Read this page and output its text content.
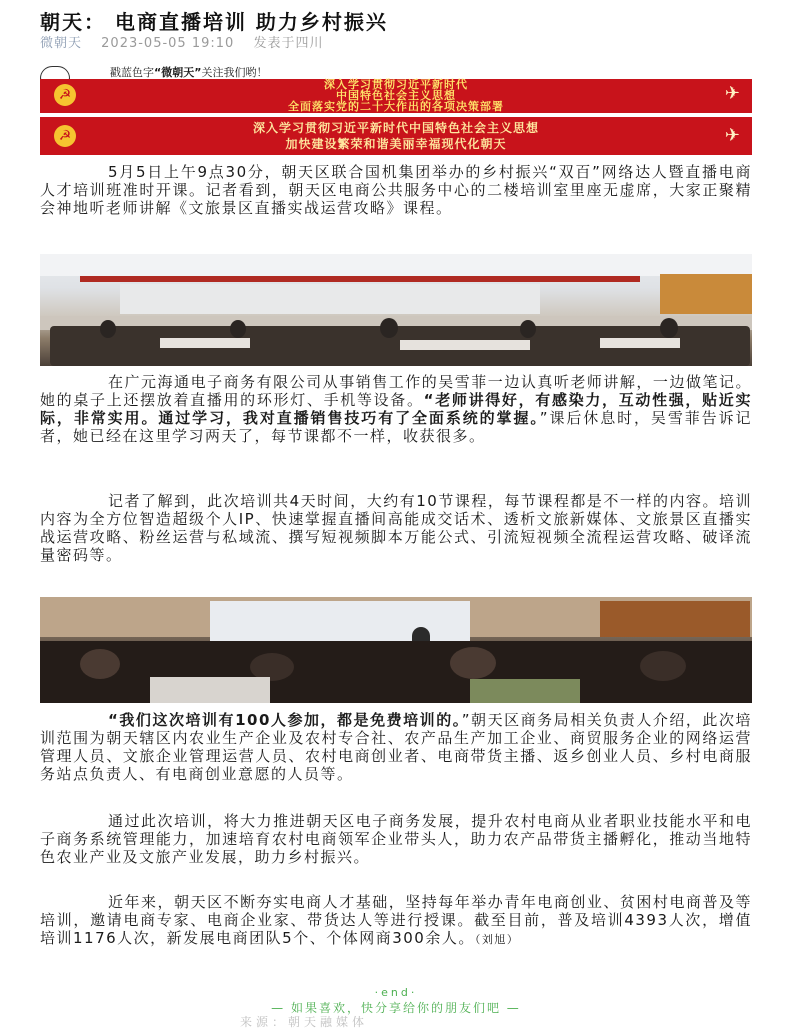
朝天： 电商直播培训 助力乡村振兴
微朝天 2023-05-05 19:10 发表于四川
戳蓝色字“微朝天”关注我们哟！
☭	✈
深入学习贯彻习近平新时代
中国特色社会主义思想
全面落实党的二十大作出的各项决策部署
☭	✈
深入学习贯彻习近平新时代中国特色社会主义思想
加快建设繁荣和谐美丽幸福现代化朝天

5月5日上午9点30分，朝天区联合国机集团举办的乡村振兴“双百”网络达人暨直播电商人才培训班准时开课。记者看到，朝天区电商公共服务中心的二楼培训室里座无虚席，大家正聚精会神地听老师讲解《文旅景区直播实战运营攻略》课程。

在广元海通电子商务有限公司从事销售工作的吴雪菲一边认真听老师讲解，一边做笔记。她的桌子上还摆放着直播用的环形灯、手机等设备。“老师讲得好，有感染力，互动性强，贴近实际，非常实用。通过学习，我对直播销售技巧有了全面系统的掌握。”课后休息时，吴雪菲告诉记者，她已经在这里学习两天了，每节课都不一样，收获很多。

记者了解到，此次培训共4天时间，大约有10节课程，每节课程都是不一样的内容。培训内容为全方位智造超级个人IP、快速掌握直播间高能成交话术、透析文旅新媒体、文旅景区直播实战运营攻略、粉丝运营与私域流、撰写短视频脚本万能公式、引流短视频全流程运营攻略、破译流量密码等。

“我们这次培训有100人参加，都是免费培训的。”朝天区商务局相关负责人介绍，此次培训范围为朝天辖区内农业生产企业及农村专合社、农产品生产加工企业、商贸服务企业的网络运营管理人员、文旅企业管理运营人员、农村电商创业者、电商带货主播、返乡创业人员、乡村电商服务站点负责人、有电商创业意愿的人员等。

通过此次培训，将大力推进朝天区电子商务发展，提升农村电商从业者职业技能水平和电子商务系统管理能力，加速培育农村电商领军企业带头人，助力农产品带货主播孵化，推动当地特色农业产业及文旅产业发展，助力乡村振兴。

近年来，朝天区不断夯实电商人才基础，坚持每年举办青年电商创业、贫困村电商普及等培训，邀请电商专家、电商企业家、带货达人等进行授课。截至目前，普及培训4393人次，增值培训1176人次，新发展电商团队5个、个体网商300余人。（刘旭）

·end·
— 如果喜欢，快分享给你的朋友们吧 —
来源：朝天融媒体
